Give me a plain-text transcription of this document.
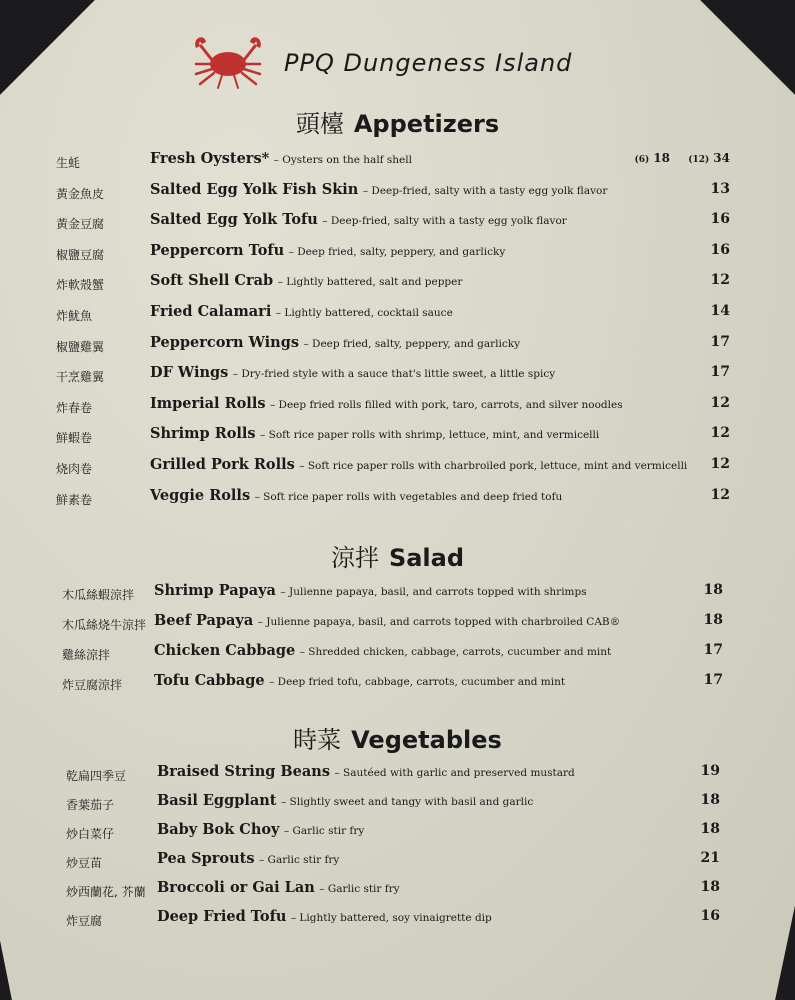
PPQ Dungeness Island
頭檯 Appetizers
生蚝	Fresh Oysters* – Oysters on the half shell	(6) 18	(12) 34
黃金魚皮	Salted Egg Yolk Fish Skin – Deep-fried, salty with a tasty egg yolk flavor	13
黃金豆腐	Salted Egg Yolk Tofu – Deep-fried, salty with a tasty egg yolk flavor	16
椒鹽豆腐	Peppercorn Tofu – Deep fried, salty, peppery, and garlicky	16
炸軟殼蟹	Soft Shell Crab – Lightly battered, salt and pepper	12
炸魷魚	Fried Calamari – Lightly battered, cocktail sauce	14
椒鹽雞翼	Peppercorn Wings – Deep fried, salty, peppery, and garlicky	17
干烹雞翼	DF Wings – Dry-fried style with a sauce that's little sweet, a little spicy	17
炸春卷	Imperial Rolls – Deep fried rolls filled with pork, taro, carrots, and silver noodles	12
鮮蝦卷	Shrimp Rolls – Soft rice paper rolls with shrimp, lettuce, mint, and vermicelli	12
烧肉卷	Grilled Pork Rolls – Soft rice paper rolls with charbroiled pork, lettuce, mint and vermicelli	12
鮮素卷	Veggie Rolls – Soft rice paper rolls with vegetables and deep fried tofu	12
涼拌 Salad
木瓜絲蝦涼拌 Shrimp Papaya – Julienne papaya, basil, and carrots topped with shrimps	18
木瓜絲烧牛涼拌 Beef Papaya – Julienne papaya, basil, and carrots topped with charbroiled CAB®	18
雞絲涼拌	Chicken Cabbage – Shredded chicken, cabbage, carrots, cucumber and mint	17
炸豆腐涼拌 Tofu Cabbage – Deep fried tofu, cabbage, carrots, cucumber and mint	17
時菜 Vegetables
乾扁四季豆 Braised String Beans – Sautéed with garlic and preserved mustard	19
香葉茄子	Basil Eggplant – Slightly sweet and tangy with basil and garlic	18
炒白菜仔	Baby Bok Choy – Garlic stir fry	18
炒豆苗	Pea Sprouts – Garlic stir fry	21
炒西蘭花, 芥蘭 Broccoli or Gai Lan – Garlic stir fry	18
炸豆腐	Deep Fried Tofu – Lightly battered, soy vinaigrette dip	16
